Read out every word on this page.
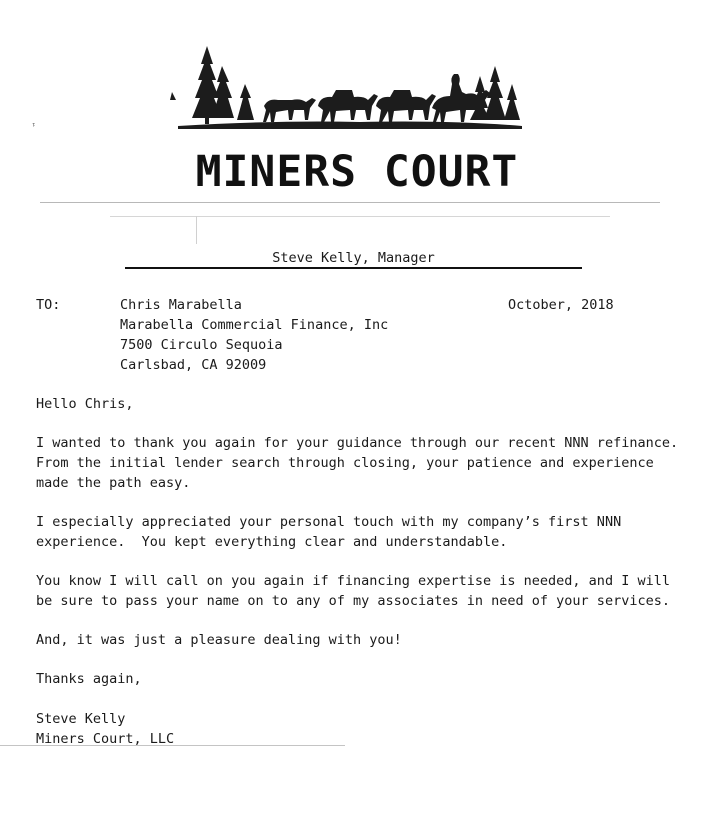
ᵎ
MINERS COURT
Steve Kelly, Manager
TO:	Chris Marabella
Marabella Commercial Finance, Inc
7500 Circulo Sequoia
Carlsbad, CA 92009
October, 2018
Hello Chris,
I wanted to thank you again for your guidance through our recent NNN refinance.
From the initial lender search through closing, your patience and experience
made the path easy.
I especially appreciated your personal touch with my company’s first NNN
experience.  You kept everything clear and understandable.
You know I will call on you again if financing expertise is needed, and I will
be sure to pass your name on to any of my associates in need of your services.
And, it was just a pleasure dealing with you!
Thanks again,
Steve Kelly
Miners Court, LLC
